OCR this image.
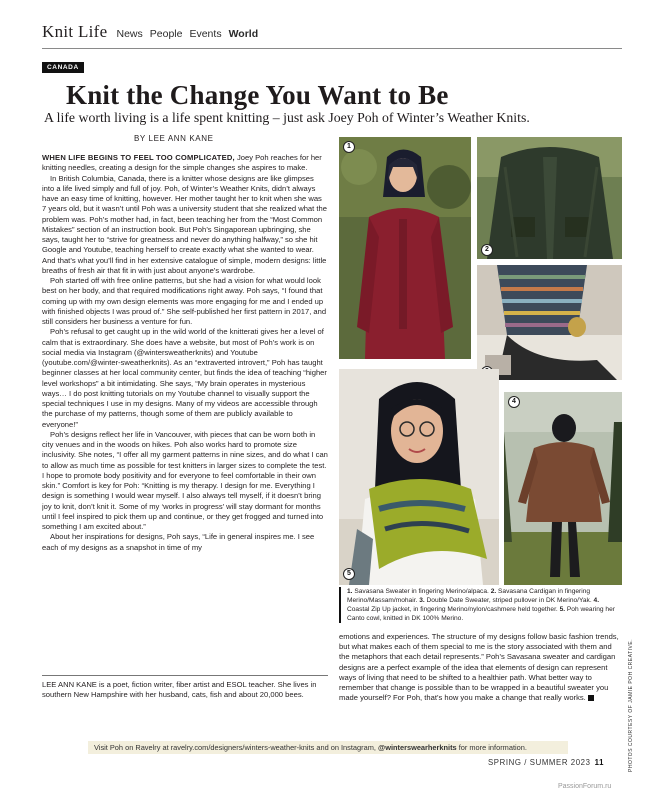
Knit Life News People Events World
CANADA
Knit the Change You Want to Be
A life worth living is a life spent knitting – just ask Joey Poh of Winter’s Weather Knits.
BY LEE ANN KANE

WHEN LIFE BEGINS TO FEEL TOO COMPLICATED, Joey Poh reaches for her knitting needles, creating a design for the simple changes she aspires to make.

In British Columbia, Canada, there is a knitter whose designs are like glimpses into a life lived simply and full of joy. Poh, of Winter’s Weather Knits, didn’t always have an easy time of knitting, however. Her mother taught her to knit when she was 7 years old, but it wasn’t until Poh was a university student that she realized what the problem was. Poh’s mother had, in fact, been teaching her from the “Most Common Mistakes” section of an instruction book. But Poh’s Singaporean upbringing, she says, taught her to “strive for greatness and never do anything halfway,” so she hit Google and Youtube, teaching herself to create exactly what she wanted to wear. And that’s what you’ll find in her extensive catalogue of simple, modern designs: little breaths of fresh air that fit in with just about anyone’s wardrobe.

Poh started off with free online patterns, but she had a vision for what would look best on her body, and that required modifications right away. Poh says, “I found that coming up with my own design elements was more engaging for me and I ended up with finished objects I was proud of.” She self-published her first pattern in 2017, and still considers her business a venture for fun.

Poh’s refusal to get caught up in the wild world of the knitterati gives her a level of calm that is extraordinary. She does have a website, but most of Poh’s work is on social media via Instagram (@wintersweatherknits) and Youtube (youtube.com/@winter-sweatherknits). As an “extraverted introvert,” Poh has taught beginner classes at her local community center, but finds the idea of teaching “higher level workshops” a bit intimidating. She says, “My brain operates in mysterious ways… I do post knitting tutorials on my Youtube channel to visually support the special techniques I use in my designs. Many of my videos are accessible through the purchase of my patterns, though some of them are publicly available to everyone!”

Poh’s designs reflect her life in Vancouver, with pieces that can be worn both in city venues and in the woods on hikes. Poh also works hard to promote size inclusivity. She notes, “I offer all my garment patterns in nine sizes, and do what I can to allow as much time as possible for test knitters in larger sizes to complete the test. I hope to promote body positivity and for everyone to feel comfortable in their own skin.” Comfort is key for Poh: “Knitting is my therapy. I design for me. Everything I design is something I would wear myself. I also always tell myself, if it doesn’t bring joy to knit, don’t knit it. Some of my ‘works in progress’ will stay dormant for months until I feel inspired to pick them up and continue, or they get frogged and turned into something I am excited about.”

About her inspirations for designs, Poh says, “Life in general inspires me. I see each of my designs as a snapshot in time of my

LEE ANN KANE is a poet, fiction writer, fiber artist and ESOL teacher. She lives in southern New Hampshire with her husband, cats, fish and about 20,000 bees.
1
2
5
4
1. Savasana Sweater in fingering Merino/alpaca. 2. Savasana Cardigan in fingering Merino/Massam/mohair. 3. Double Date Sweater, striped pullover in DK Merino/Yak. 4. Coastal Zip Up jacket, in fingering Merino/nylon/cashmere held together. 5. Poh wearing her Canto cowl, knitted in DK 100% Merino.
emotions and experiences. The structure of my designs follow basic fashion trends, but what makes each of them special to me is the story associated with them and the metaphors that each detail represents.” Poh’s Savasana sweater and cardigan designs are a perfect example of the idea that elements of design can represent ways of living that need to be shifted to a healthier path. What better way to remember that change is possible than to be wrapped in a beautiful sweater you made yourself? For Poh, that’s how you make a change that really works.	PHOTOS COURTESY OF JAMIE POH CREATIVE.
Visit Poh on Ravelry at ravelry.com/designers/winters-weather-knits and on Instagram, @winterswearherknits for more information.
SPRING / SUMMER 2023 11
PassionForum.ru
